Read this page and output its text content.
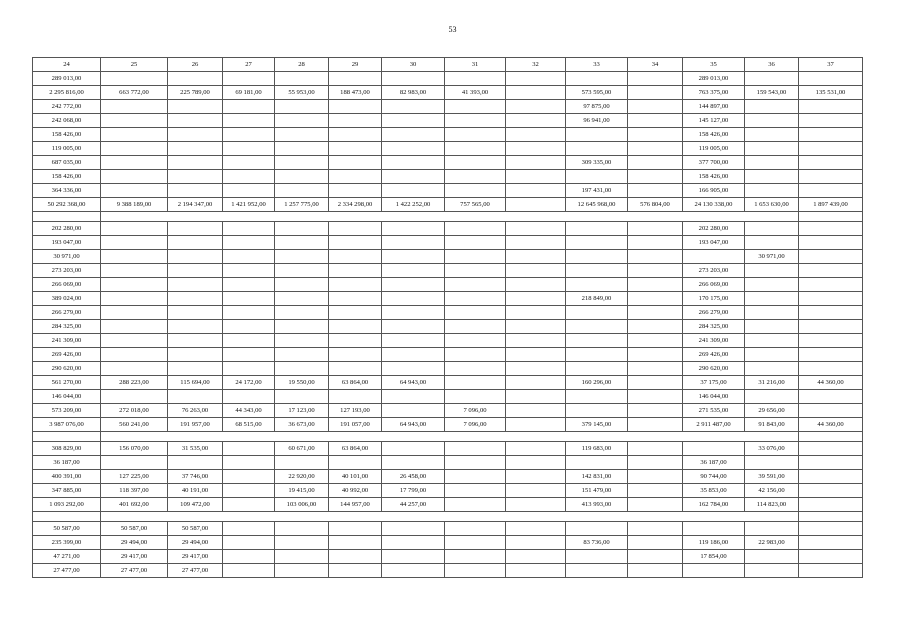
53
24	25	26	27	28	29	30	31	32	33	34	35	36	37
289 013,00											289 013,00		
2 295 816,00	663 772,00	225 789,00	69 181,00	55 953,00	188 473,00	82 983,00	41 393,00		573 595,00		763 375,00	159 543,00	135 531,00
242 772,00									97 875,00		144 897,00		
242 068,00									96 941,00		145 127,00		
158 426,00											158 426,00		
119 005,00											119 005,00		
687 035,00									309 335,00		377 700,00		
158 426,00											158 426,00		
364 336,00									197 431,00		166 905,00		
50 292 368,00	9 388 189,00	2 194 347,00	1 421 952,00	1 257 775,00	2 334 298,00	1 422 252,00	757 565,00		12 645 968,00	576 804,00	24 130 338,00	1 653 630,00	1 897 439,00

202 280,00											202 280,00		
193 047,00											193 047,00		
30 971,00												30 971,00	
273 203,00											273 203,00		
266 069,00											266 069,00		
389 024,00									218 849,00		170 175,00		
266 279,00											266 279,00		
284 325,00											284 325,00		
241 309,00											241 309,00		
269 426,00											269 426,00		
290 620,00											290 620,00		
561 270,00	288 223,00	115 694,00	24 172,00	19 550,00	63 864,00	64 943,00			160 296,00		37 175,00	31 216,00	44 360,00
146 044,00											146 044,00		
573 209,00	272 018,00	76 263,00	44 343,00	17 123,00	127 193,00		7 096,00				271 535,00	29 656,00	
3 987 076,00	560 241,00	191 957,00	68 515,00	36 673,00	191 057,00	64 943,00	7 096,00		379 145,00		2 911 487,00	91 843,00	44 360,00

308 829,00	156 070,00	31 535,00		60 671,00	63 864,00				119 683,00			33 076,00	
36 187,00											36 187,00		
400 391,00	127 225,00	37 746,00		22 920,00	40 101,00	26 458,00			142 831,00		90 744,00	39 591,00	
347 885,00	118 397,00	40 191,00		19 415,00	40 992,00	17 799,00			151 479,00		35 853,00	42 156,00	
1 093 292,00	401 692,00	109 472,00		103 006,00	144 957,00	44 257,00			413 993,00		162 784,00	114 823,00	

50 587,00	50 587,00	50 587,00											
235 399,00	29 494,00	29 494,00							83 736,00		119 186,00	22 983,00	
47 271,00	29 417,00	29 417,00									17 854,00		
27 477,00	27 477,00	27 477,00											
